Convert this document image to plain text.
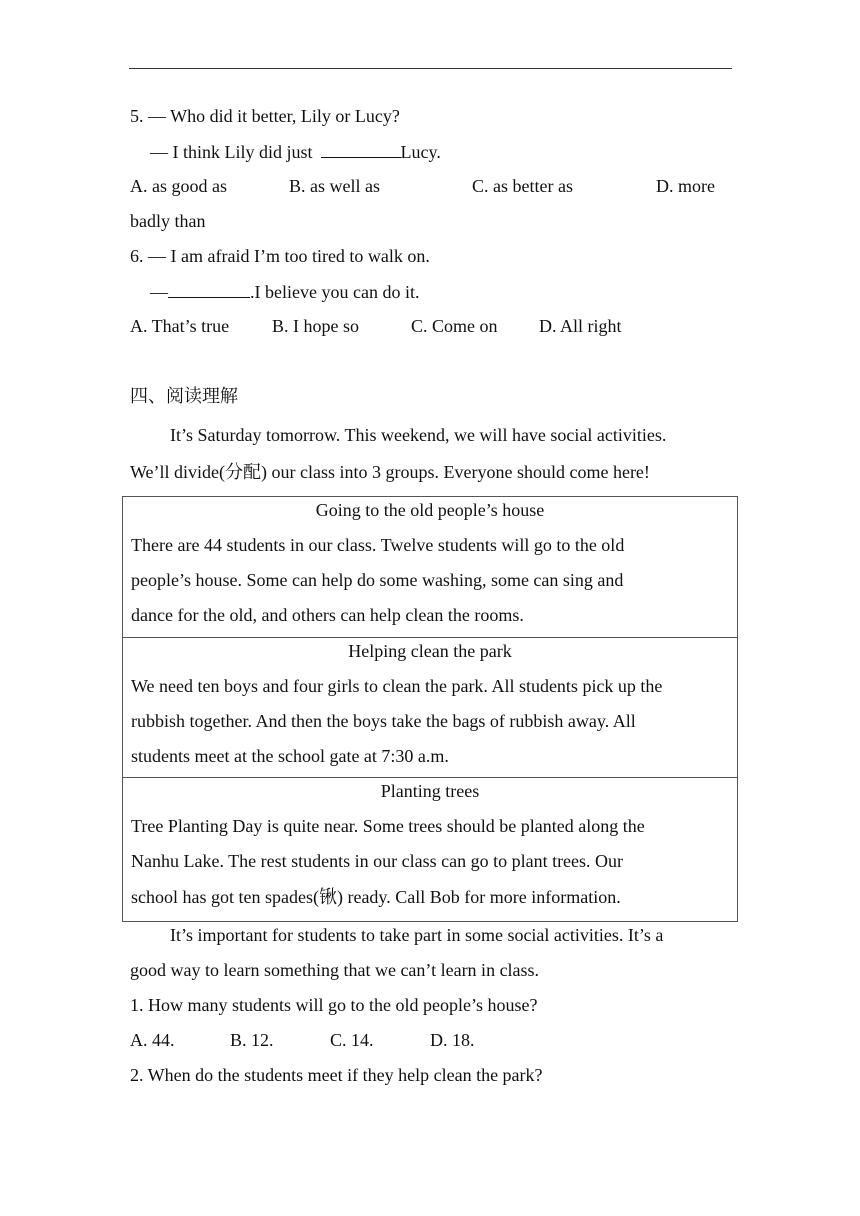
5. — Who did it better, Lily or Lucy?
— I think Lily did just	Lucy.
A. as good as	B. as well as	C. as better as	D. more
badly than
6. — I am afraid I’m too tired to walk on.
—	.I believe you can do it.
A. That’s true B. I hope so	C. Come on D. All right
四、阅读理解
It’s Saturday tomorrow. This weekend, we will have social activities.
We’ll divide(分配) our class into 3 groups. Everyone should come here!
Going to the old people’s house
There are 44 students in our class. Twelve students will go to the old
people’s house. Some can help do some washing, some can sing and
dance for the old, and others can help clean the rooms.
Helping clean the park
We need ten boys and four girls to clean the park. All students pick up the
rubbish together. And then the boys take the bags of rubbish away. All
students meet at the school gate at 7:30 a.m.
Planting trees
Tree Planting Day is quite near. Some trees should be planted along the
Nanhu Lake. The rest students in our class can go to plant trees. Our
school has got ten spades(锹) ready. Call Bob for more information.
It’s important for students to take part in some social activities. It’s a
good way to learn something that we can’t learn in class.
1. How many students will go to the old people’s house?
A. 44.	B. 12.	C. 14.	D. 18.
2. When do the students meet if they help clean the park?
